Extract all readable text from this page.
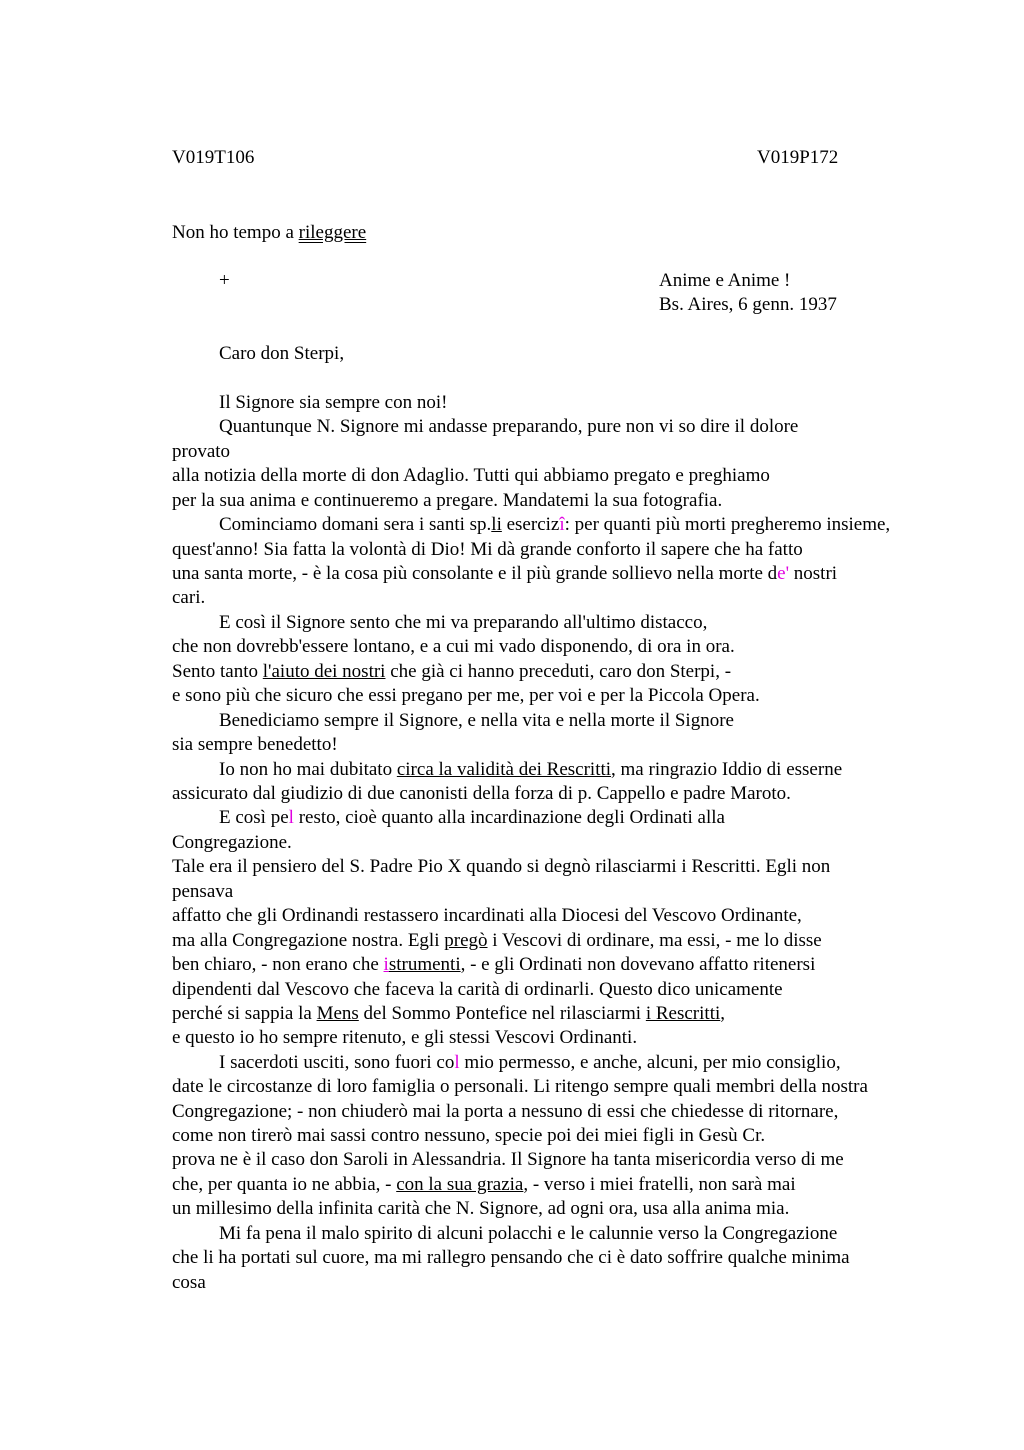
V019T106	V019P172
Non ho tempo a rileggere
+	Anime e Anime !
Bs. Aires, 6 genn. 1937
Caro don Sterpi,
Il Signore sia sempre con noi!
Quantunque N. Signore mi andasse preparando, pure non vi so dire il dolore
provato
alla notizia della morte di don Adaglio. Tutti qui abbiamo pregato e preghiamo
per la sua anima e continueremo a pregare. Mandatemi la sua fotografia.
Cominciamo domani sera i santi sp.li esercizî: per quanti più morti pregheremo insieme,
quest'anno! Sia fatta la volontà di Dio! Mi dà grande conforto il sapere che ha fatto
una santa morte, - è la cosa più consolante e il più grande sollievo nella morte de' nostri
cari.
E così il Signore sento che mi va preparando all'ultimo distacco,
che non dovrebb'essere lontano, e a cui mi vado disponendo, di ora in ora.
Sento tanto l'aiuto dei nostri che già ci hanno preceduti, caro don Sterpi, -
e sono più che sicuro che essi pregano per me, per voi e per la Piccola Opera.
Benediciamo sempre il Signore, e nella vita e nella morte il Signore
sia sempre benedetto!
Io non ho mai dubitato circa la validità dei Rescritti, ma ringrazio Iddio di esserne
assicurato dal giudizio di due canonisti della forza di p. Cappello e padre Maroto.
E così pel resto, cioè quanto alla incardinazione degli Ordinati alla
Congregazione.
Tale era il pensiero del S. Padre Pio X quando si degnò rilasciarmi i Rescritti. Egli non
pensava
affatto che gli Ordinandi restassero incardinati alla Diocesi del Vescovo Ordinante,
ma alla Congregazione nostra. Egli pregò i Vescovi di ordinare, ma essi, - me lo disse
ben chiaro, - non erano che istrumenti, - e gli Ordinati non dovevano affatto ritenersi
dipendenti dal Vescovo che faceva la carità di ordinarli. Questo dico unicamente
perché si sappia la Mens del Sommo Pontefice nel rilasciarmi i Rescritti,
e questo io ho sempre ritenuto, e gli stessi Vescovi Ordinanti.
I sacerdoti usciti, sono fuori col mio permesso, e anche, alcuni, per mio consiglio,
date le circostanze di loro famiglia o personali. Li ritengo sempre quali membri della nostra
Congregazione; - non chiuderò mai la porta a nessuno di essi che chiedesse di ritornare,
come non tirerò mai sassi contro nessuno, specie poi dei miei figli in Gesù Cr.
prova ne è il caso don Saroli in Alessandria. Il Signore ha tanta misericordia verso di me
che, per quanta io ne abbia, - con la sua grazia, - verso i miei fratelli, non sarà mai
un millesimo della infinita carità che N. Signore, ad ogni ora, usa alla anima mia.
Mi fa pena il malo spirito di alcuni polacchi e le calunnie verso la Congregazione
che li ha portati sul cuore, ma mi rallegro pensando che ci è dato soffrire qualche minima
cosa
